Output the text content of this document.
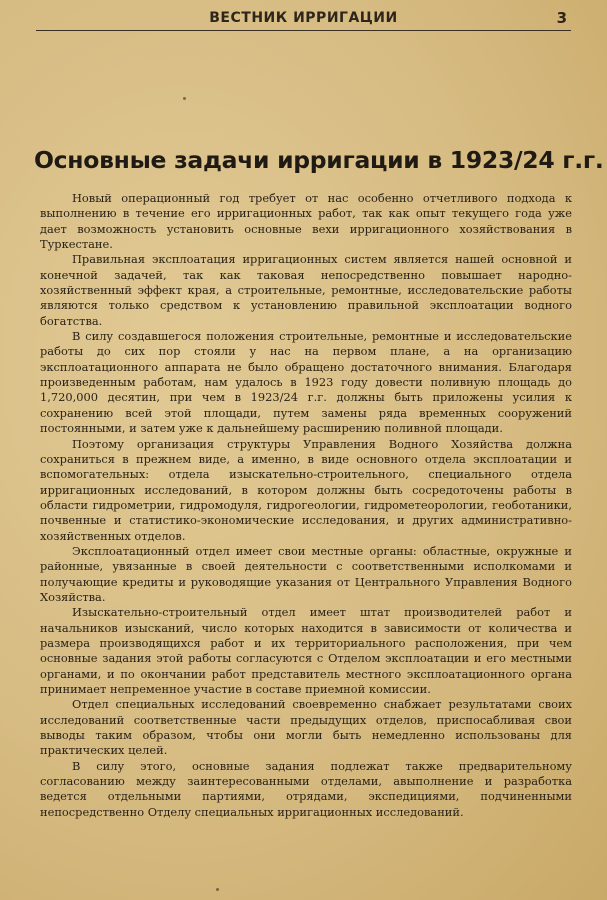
ВЕСТНИК ИРРИГАЦИИ	3
Основные задачи ирригации в 1923/24 г.г.

Новый операционный год требует от нас особенно отчетливого подхода к выполнению в течение его ирригационных работ, так как опыт текущего года уже дает возможность установить основные вехи ирригационного хозяйствования в Туркестане.

Правильная эксплоатация ирригационных систем является нашей основной и конечной задачей, так как таковая непосредственно повышает народно-хозяйственный эффект края, а строительные, ремонтные, исследовательские работы являются только средством к установлению правильной эксплоатации водного богатства.

В силу создавшегося положения строительные, ремонтные и исследовательские работы до сих пор стояли у нас на первом плане, а на организацию эксплоатационного аппарата не было обращено достаточного внимания. Благодаря произведенным работам, нам удалось в 1923 году довести поливную площадь до 1,720,000 десятин, при чем в 1923/24 г.г. должны быть приложены усилия к сохранению всей этой площади, путем замены ряда временных сооружений постоянными, и затем уже к дальнейшему расширению поливной площади.

Поэтому организация структуры Управления Водного Хозяйства должна сохраниться в прежнем виде, а именно, в виде основного отдела эксплоатации и вспомогательных: отдела изыскательно-строительного, специального отдела ирригационных исследований, в котором должны быть сосредоточены работы в области гидрометрии, гидромодуля, гидрогеологии, гидрометеорологии, геоботаники, почвенные и статистико-экономические исследования, и других административно-хозяйственных отделов.

Эксплоатационный отдел имеет свои местные органы: областные, окружные и районные, увязанные в своей деятельности с соответственными исполкомами и получающие кредиты и руководящие указания от Центрального Управления Водного Хозяйства.

Изыскательно-строительный отдел имеет штат производителей работ и начальников изысканий, число которых находится в зависимости от количества и размера производящихся работ и их территориального расположения, при чем основные задания этой работы согласуются с Отделом эксплоатации и его местными органами, и по окончании работ представитель местного эксплоатационного органа принимает непременное участие в составе приемной комиссии.

Отдел специальных исследований своевременно снабжает результатами своих исследований соответственные части предыдущих отделов, приспосабливая свои выводы таким образом, чтобы они могли быть немедленно использованы для практических целей.

В силу этого, основные задания подлежат также предварительному согласованию между заинтересованными отделами, авыполнение и разработка ведется отдельными партиями, отрядами, экспедициями, подчиненными непосредственно Отделу специальных ирригационных исследований.
